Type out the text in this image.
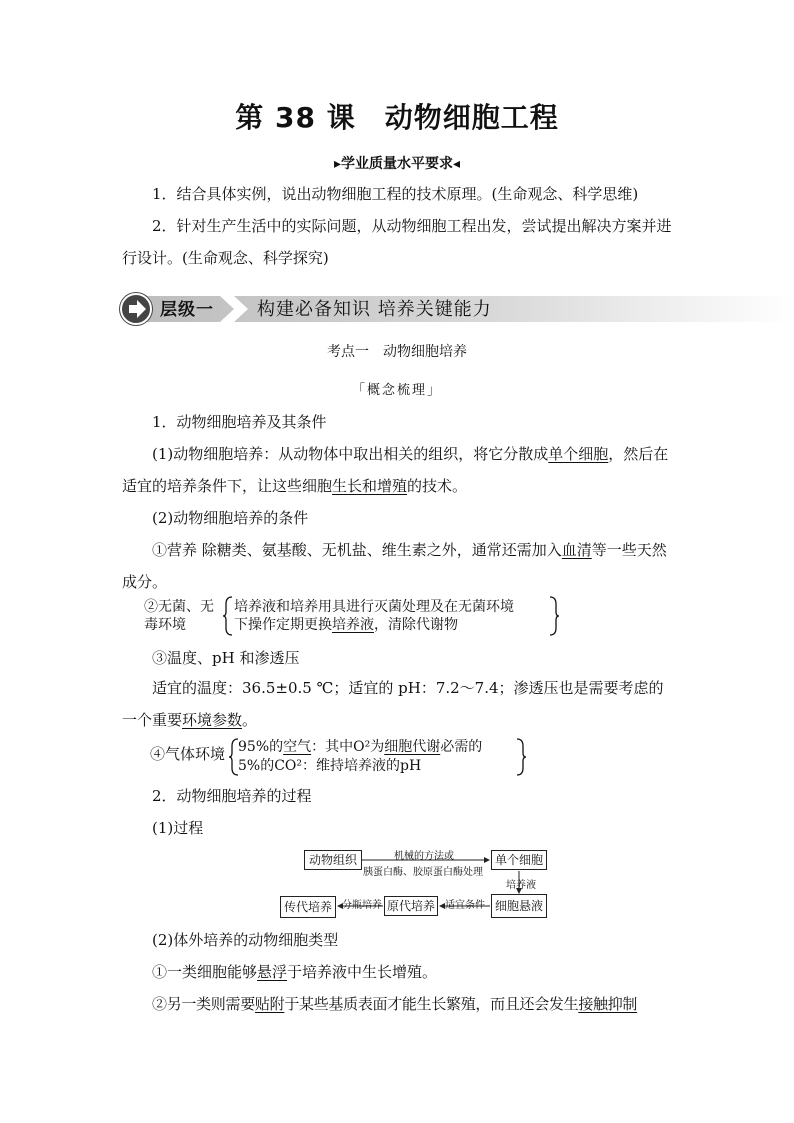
第 38 课　动物细胞工程
▸学业质量水平要求◂
1．结合具体实例，说出动物细胞工程的技术原理。(生命观念、科学思维)
2．针对生产生活中的实际问题，从动物细胞工程出发，尝试提出解决方案并进行设计。(生命观念、科学探究)
层级一 构建必备知识 培养关键能力
考点一　动物细胞培养
「概念梳理」
1．动物细胞培养及其条件
(1)动物细胞培养：从动物体中取出相关的组织，将它分散成单个细胞，然后在适宜的培养条件下，让这些细胞生长和增殖的技术。
(2)动物细胞培养的条件
①营养 除糖类、氨基酸、无机盐、维生素之外，通常还需加入血清等一些天然成分。
②无菌、无
毒环境
培养液和培养用具进行灭菌处理及在无菌环境
下操作定期更换培养液，清除代谢物
③温度、pH 和渗透压
适宜的温度：36.5±0.5 ℃；适宜的 pH：7.2～7.4；渗透压也是需要考虑的一个重要环境参数。
④气体环境 95%的空气：其中O²为细胞代谢必需的
5%的CO²：维持培养液的pH
2．动物细胞培养的过程
(1)过程
动物组织	单个细胞
细胞悬液
原代培养
传代培养
机械的方法或
胰蛋白酶、胶原蛋白酶处理
培养液
适宜条件
分瓶培养
(2)体外培养的动物细胞类型
①一类细胞能够悬浮于培养液中生长增殖。
②另一类则需要贴附于某些基质表面才能生长繁殖，而且还会发生接触抑制
